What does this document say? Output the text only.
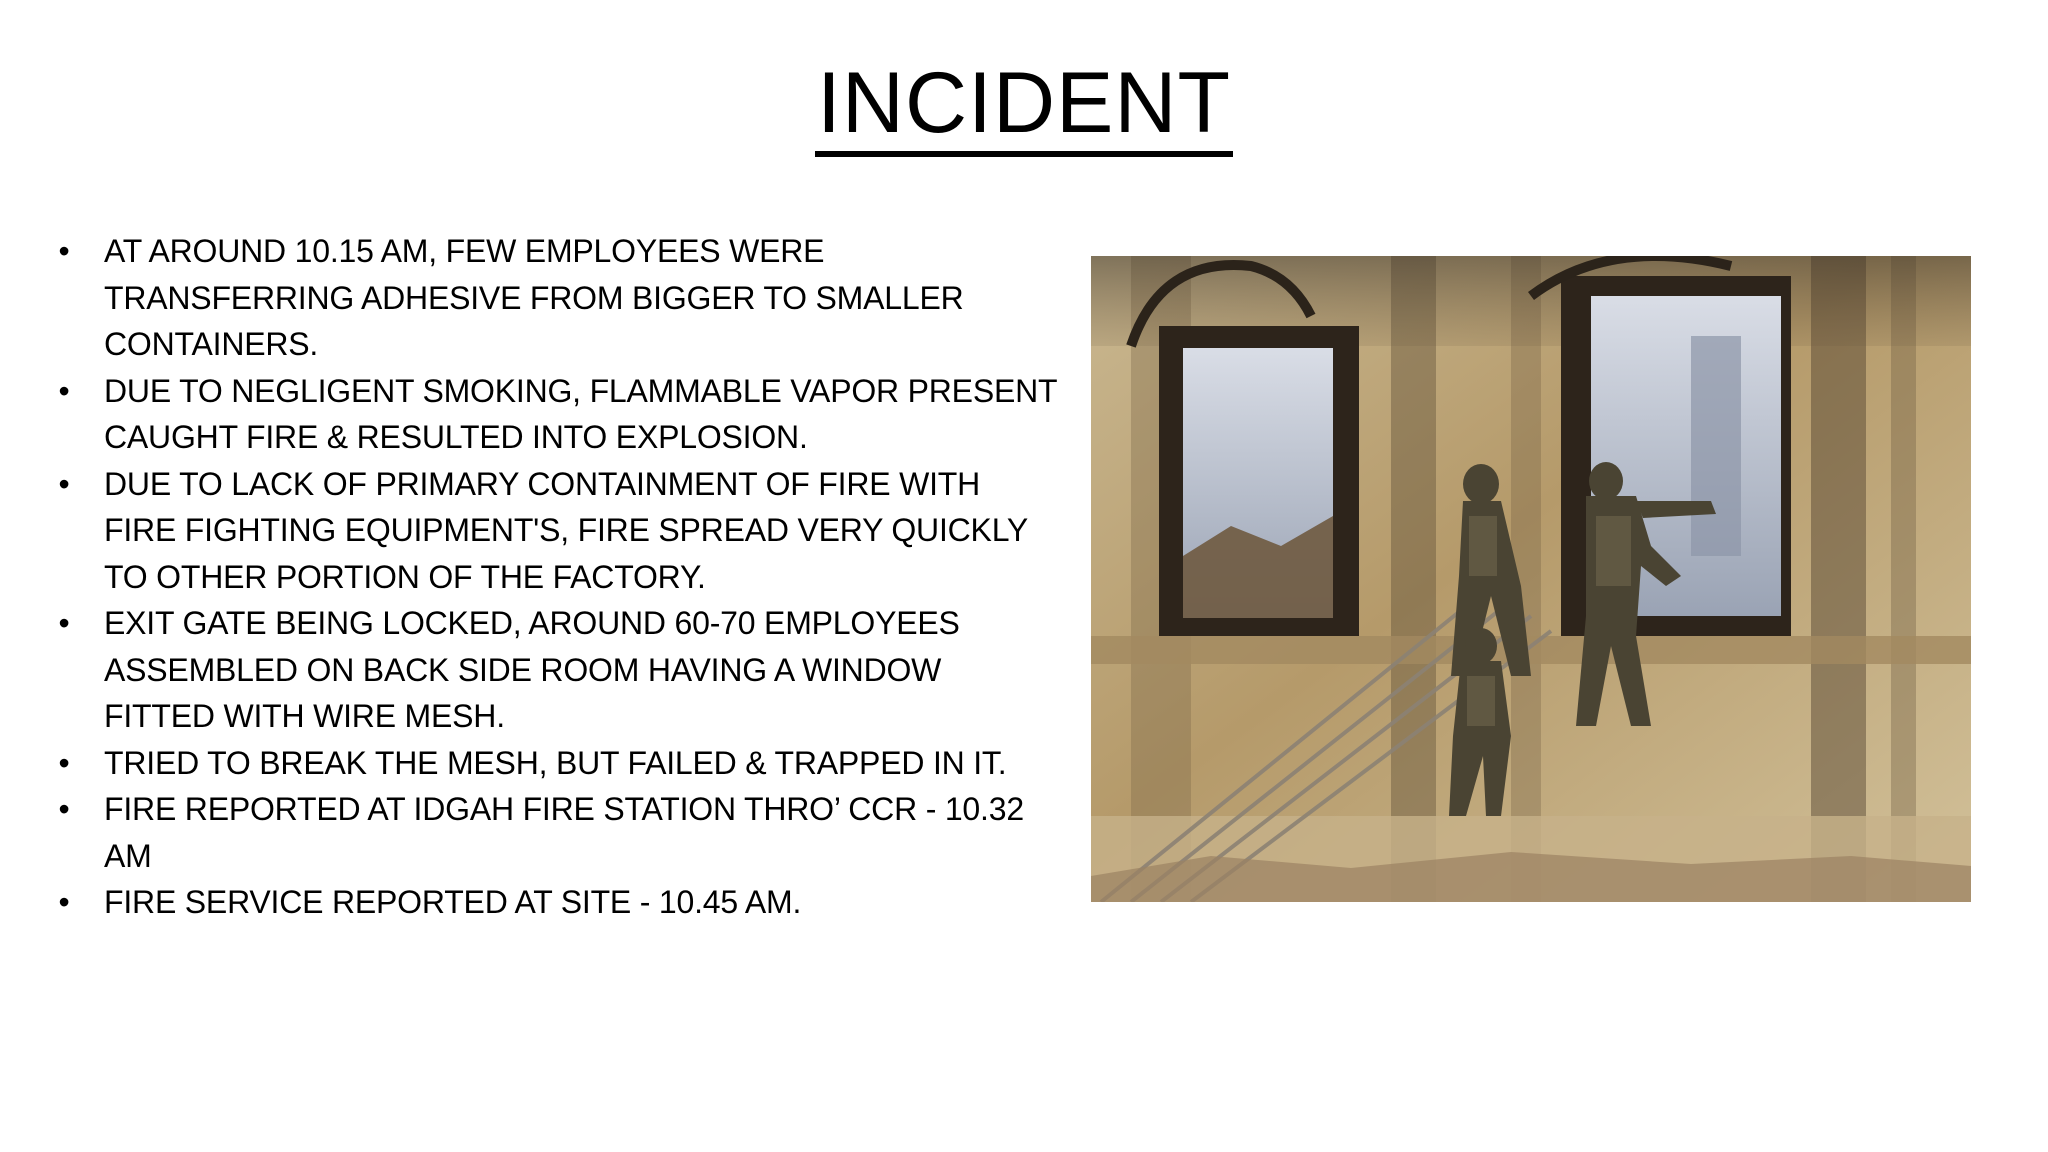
INCIDENT
• AT AROUND 10.15 AM, FEW EMPLOYEES WERE TRANSFERRING ADHESIVE FROM BIGGER TO SMALLER CONTAINERS.
• DUE TO NEGLIGENT SMOKING, FLAMMABLE VAPOR PRESENT CAUGHT FIRE & RESULTED INTO EXPLOSION.
• DUE TO LACK OF PRIMARY CONTAINMENT OF FIRE WITH FIRE FIGHTING EQUIPMENT'S, FIRE SPREAD VERY QUICKLY TO OTHER PORTION OF THE FACTORY.
• EXIT GATE BEING LOCKED, AROUND 60-70 EMPLOYEES ASSEMBLED ON BACK SIDE ROOM HAVING A WINDOW FITTED WITH WIRE MESH.
• TRIED TO BREAK THE MESH, BUT FAILED & TRAPPED IN IT.
• FIRE REPORTED AT IDGAH FIRE STATION THRO’ CCR - 10.32 AM
• FIRE SERVICE REPORTED AT SITE - 10.45 AM.
